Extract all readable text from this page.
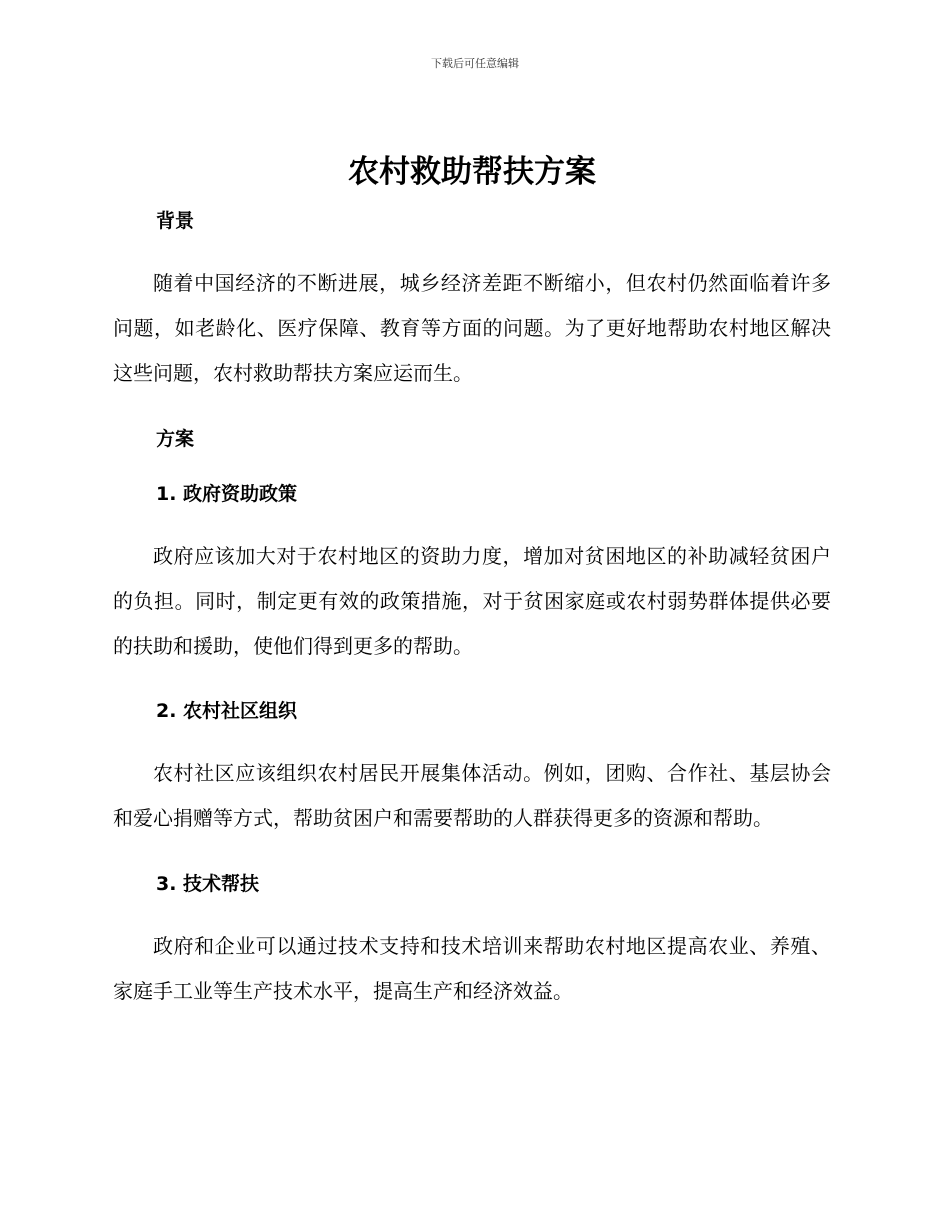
下载后可任意编辑
农村救助帮扶方案
背景

随着中国经济的不断进展，城乡经济差距不断缩小，但农村仍然面临着许多问题，如老龄化、医疗保障、教育等方面的问题。为了更好地帮助农村地区解决这些问题，农村救助帮扶方案应运而生。

方案
1. 政府资助政策

政府应该加大对于农村地区的资助力度，增加对贫困地区的补助减轻贫困户的负担。同时，制定更有效的政策措施，对于贫困家庭或农村弱势群体提供必要的扶助和援助，使他们得到更多的帮助。

2. 农村社区组织

农村社区应该组织农村居民开展集体活动。例如，团购、合作社、基层协会和爱心捐赠等方式，帮助贫困户和需要帮助的人群获得更多的资源和帮助。

3. 技术帮扶

政府和企业可以通过技术支持和技术培训来帮助农村地区提高农业、养殖、家庭手工业等生产技术水平，提高生产和经济效益。
